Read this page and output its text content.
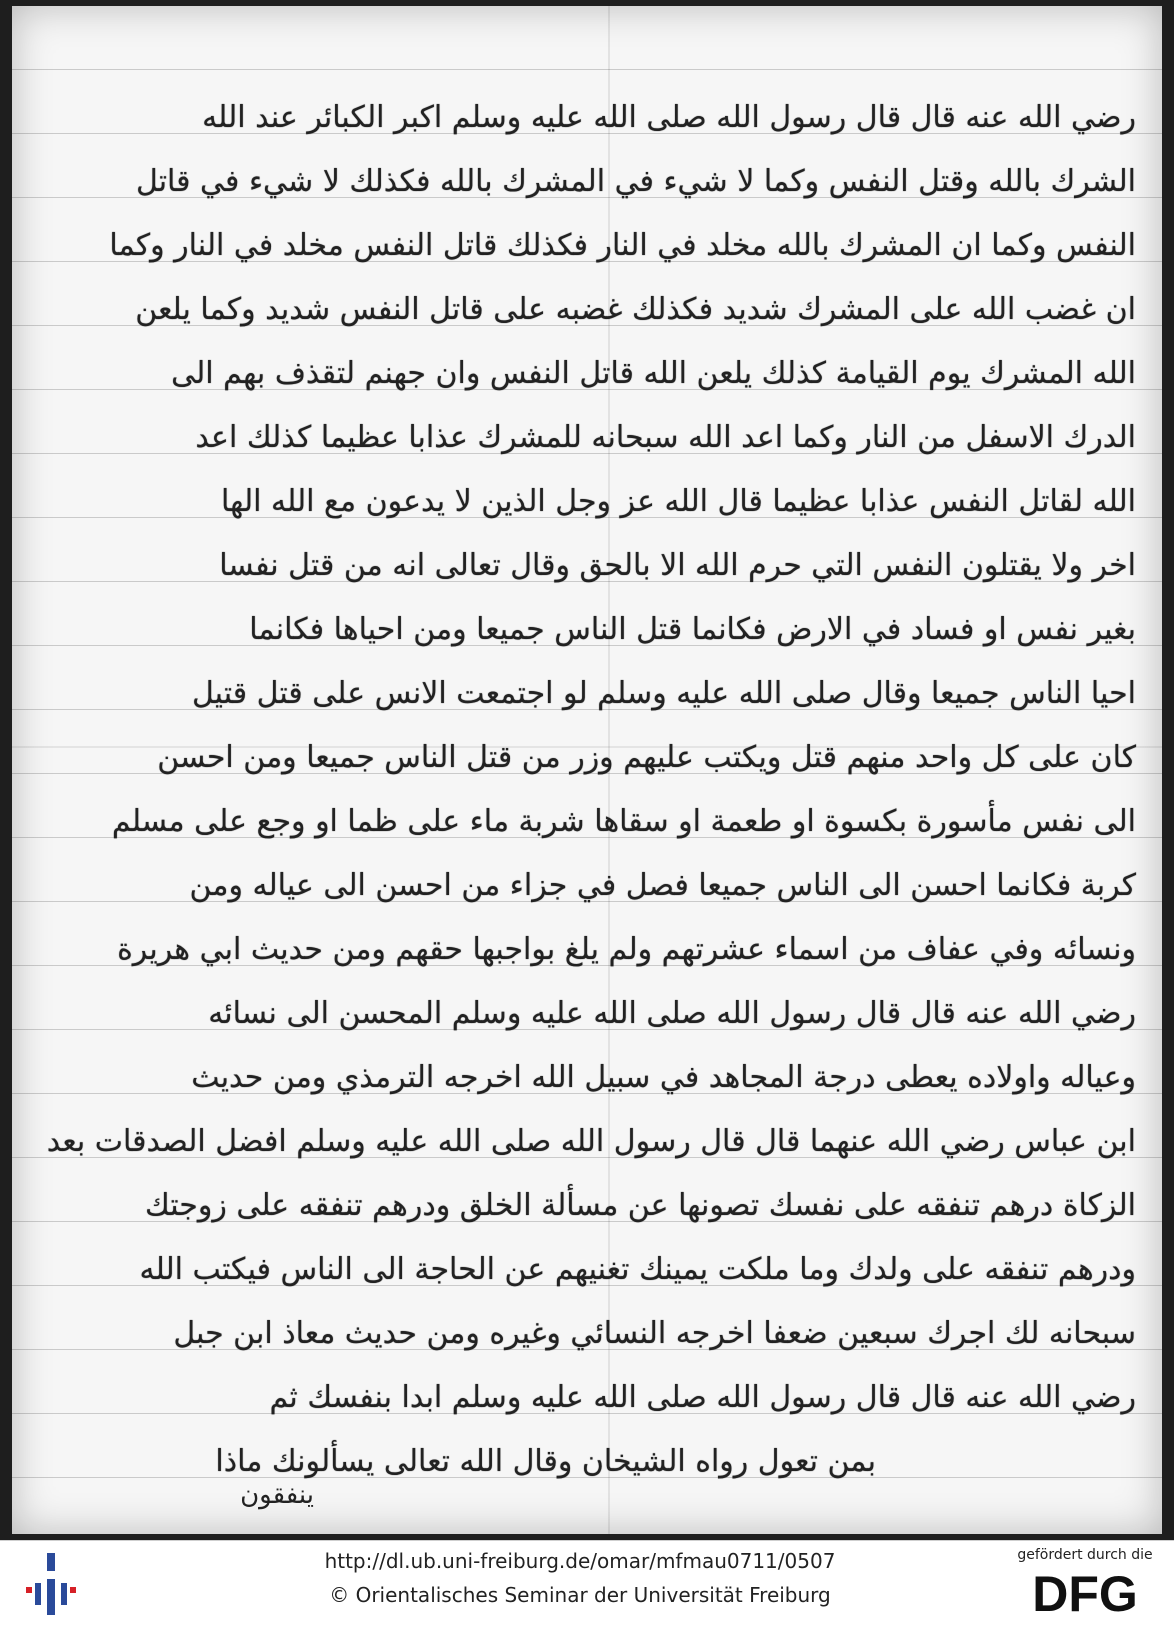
رضي الله عنه قال قال رسول الله صلى الله عليه وسلم اكبر الكبائر عند الله
الشرك بالله وقتل النفس وكما لا شيء في المشرك بالله فكذلك لا شيء في قاتل
النفس وكما ان المشرك بالله مخلد في النار فكذلك قاتل النفس مخلد في النار وكما
ان غضب الله على المشرك شديد فكذلك غضبه على قاتل النفس شديد وكما يلعن
الله المشرك يوم القيامة كذلك يلعن الله قاتل النفس وان جهنم لتقذف بهم الى
الدرك الاسفل من النار وكما اعد الله سبحانه للمشرك عذابا عظيما كذلك اعد
الله لقاتل النفس عذابا عظيما قال الله عز وجل الذين لا يدعون مع الله الها
اخر ولا يقتلون النفس التي حرم الله الا بالحق وقال تعالى انه من قتل نفسا
بغير نفس او فساد في الارض فكانما قتل الناس جميعا ومن احياها فكانما
احيا الناس جميعا وقال صلى الله عليه وسلم لو اجتمعت الانس على قتل قتيل
كان على كل واحد منهم قتل ويكتب عليهم وزر من قتل الناس جميعا ومن احسن
الى نفس مأسورة بكسوة او طعمة او سقاها شربة ماء على ظما او وجع على مسلم
كربة فكانما احسن الى الناس جميعا فصل في جزاء من احسن الى عياله ومن
ونسائه وفي عفاف من اسماء عشرتهم ولم يلغ بواجبها حقهم ومن حديث ابي هريرة
رضي الله عنه قال قال رسول الله صلى الله عليه وسلم المحسن الى نسائه
وعياله واولاده يعطى درجة المجاهد في سبيل الله اخرجه الترمذي ومن حديث
ابن عباس رضي الله عنهما قال قال رسول الله صلى الله عليه وسلم افضل الصدقات بعد
الزكاة درهم تنفقه على نفسك تصونها عن مسألة الخلق ودرهم تنفقه على زوجتك
ودرهم تنفقه على ولدك وما ملكت يمينك تغنيهم عن الحاجة الى الناس فيكتب الله
سبحانه لك اجرك سبعين ضعفا اخرجه النسائي وغيره ومن حديث معاذ ابن جبل
رضي الله عنه قال قال رسول الله صلى الله عليه وسلم ابدا بنفسك ثم
بمن تعول رواه الشيخان وقال الله تعالى يسألونك ماذا
ينفقون
http://dl.ub.uni-freiburg.de/omar/mfmau0711/0507
© Orientalisches Seminar der Universität Freiburg
gefördert durch die
DFG
